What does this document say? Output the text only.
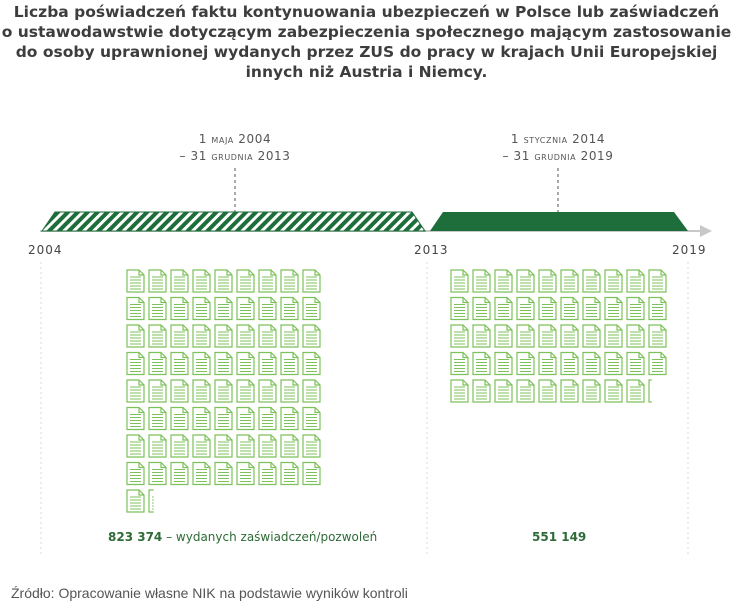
Liczba poświadczeń faktu kontynuowania ubezpieczeń w Polsce lub zaświadczeń
o ustawodawstwie dotyczącym zabezpieczenia społecznego mającym zastosowanie
do osoby uprawnionej wydanych przez ZUS do pracy w krajach Unii Europejskiej
innych niż Austria i Niemcy.
1 maja 2004
– 31 grudnia 2013
1 stycznia 2014
– 31 grudnia 2019
2004	2013	2019
823 374 – wydanych zaświadczeń/pozwoleń	551 149
Źródło: Opracowanie własne NIK na podstawie wyników kontroli
